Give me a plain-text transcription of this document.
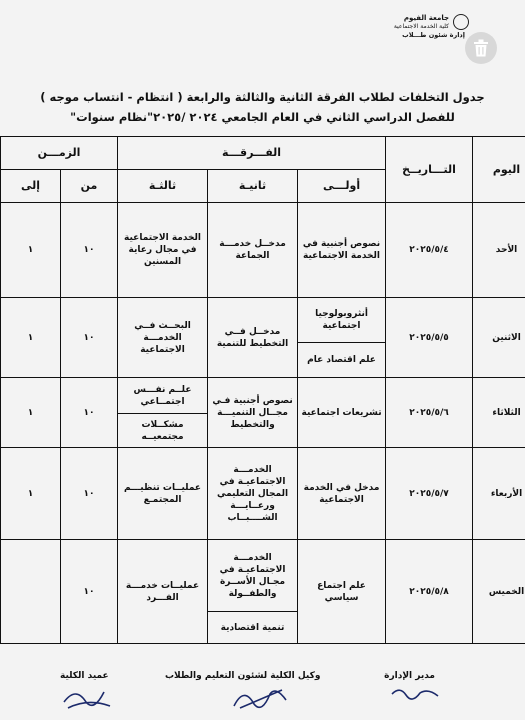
جامعة الفيوم
كلية الخدمة الاجتماعية
إدارة شئون طـــلاب
جدول التخلفات لطلاب الفرقة الثانية والثالثة والرابعة ( انتظام - انتساب موجه )
للفصل الدراسي الثاني في العام الجامعي ٢٠٢٤ /٢٠٢٥"نظام سنوات"
اليوم	التـــاريــخ	الفـــرقـــة			الزمـــن	
		أولـــى	ثانيـة	ثالثـة	من	إلى
الأحد	٢٠٢٥/٥/٤	نصوص أجنبية في الخدمة الاجتماعية	مدخــل خدمـــة الجماعة	الخدمة الاجتماعية في مجال رعاية المسنين	١٠	١
الاثنين	٢٠٢٥/٥/٥	أنثروبولوجيا اجتماعية	مدخــل فــي التخطيط للتنمية	البحــث فــي الخدمـــة الاجتماعية	١٠	١
		علم اقتصاد عام				
الثلاثاء	٢٠٢٥/٥/٦	تشريعات اجتماعية	نصوص أجنبية فـي مجــال التنميـــة والتخطيط	علــم نفـــس اجتمــاعي	١٠	١
				مشكــلات مجتمعيــه		
الأربعاء	٢٠٢٥/٥/٧	مدخل في الخدمة الاجتماعية	الخدمـــة الاجتماعيـة في المجال التعليمي ورعــايـــة الشــــبــاب	عمليــات تنظيـــم المجتمـع	١٠	١
الخميس	٢٠٢٥/٥/٨	علم اجتماع سياسي	الخدمـــة الاجتماعيـة في مجـال الأســرة والطفــولة	عمليــات خدمـــة الفـــرد	١٠	
			تنمية اقتصادية			
مدير الإدارة
وكيل الكلية لشئون التعليم والطلاب
عميد الكلية
